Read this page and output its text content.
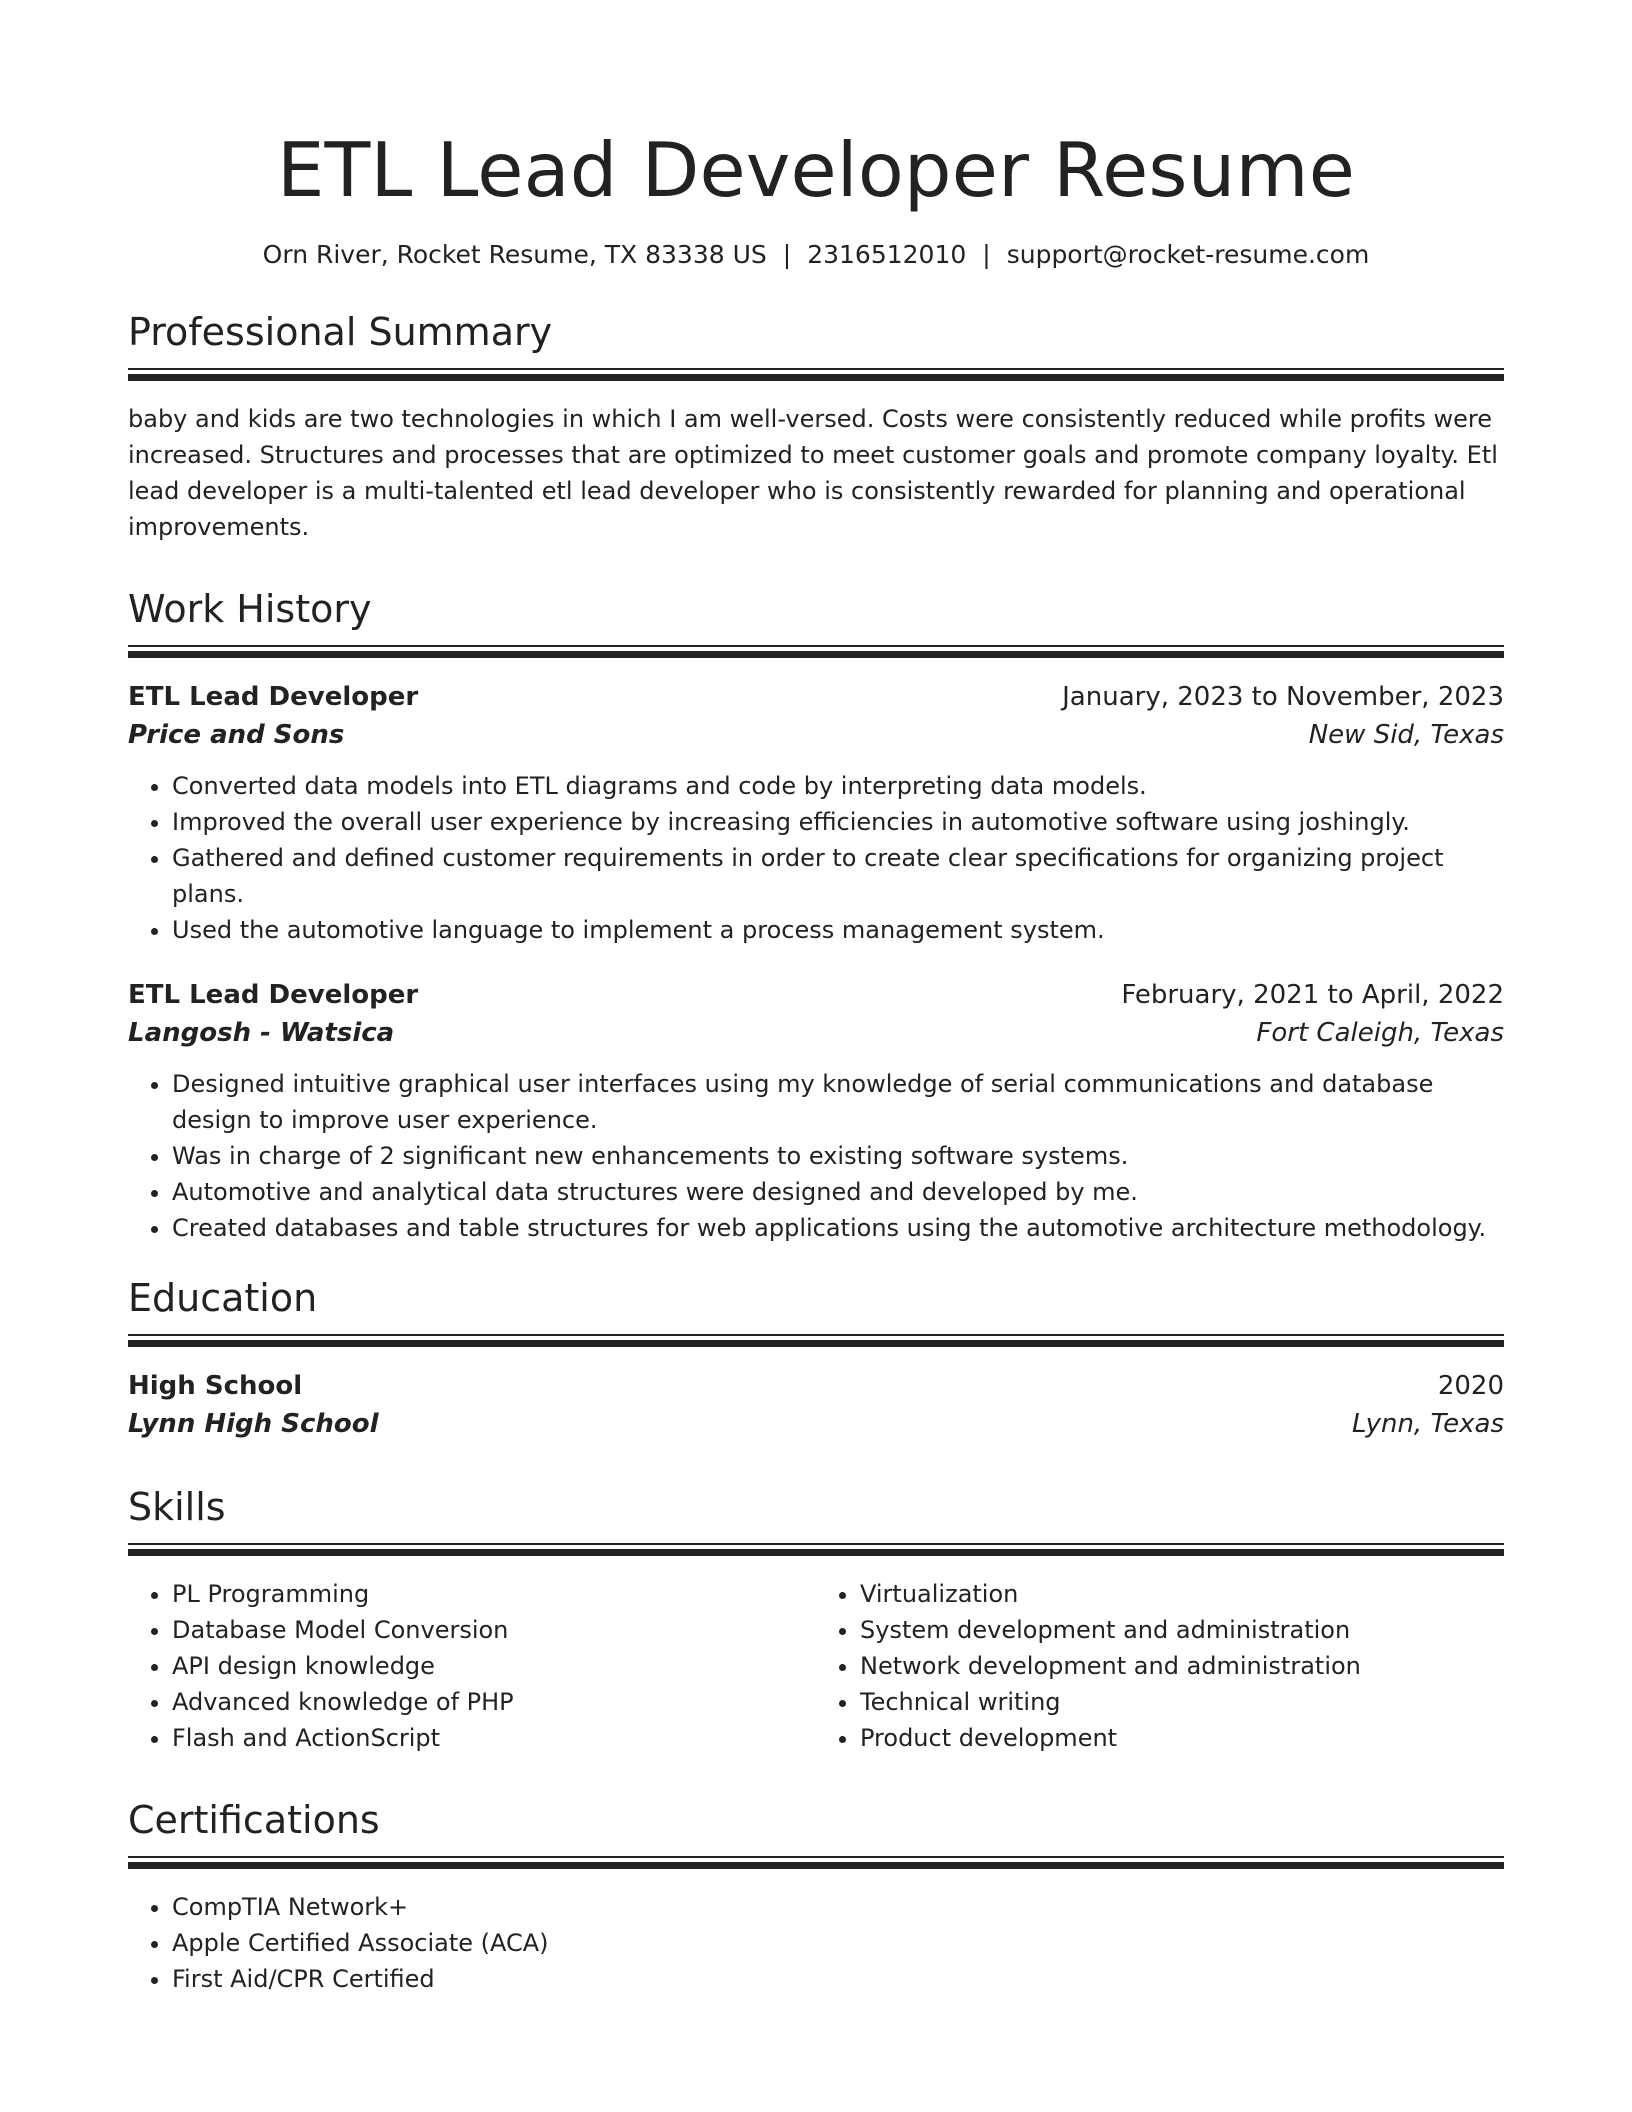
ETL Lead Developer Resume
Orn River, Rocket Resume, TX 83338 US | 2316512010 | support@rocket-resume.com
Professional Summary

baby and kids are two technologies in which I am well-versed. Costs were consistently reduced while profits were increased. Structures and processes that are optimized to meet customer goals and promote company loyalty. Etl lead developer is a multi-talented etl lead developer who is consistently rewarded for planning and operational improvements.

Work History
ETL Lead Developer	January, 2023 to November, 2023
Price and Sons	New Sid, Texas
• Converted data models into ETL diagrams and code by interpreting data models.
• Improved the overall user experience by increasing efficiencies in automotive software using joshingly.
• Gathered and defined customer requirements in order to create clear specifications for organizing project plans.
• Used the automotive language to implement a process management system.
ETL Lead Developer	February, 2021 to April, 2022
Langosh - Watsica	Fort Caleigh, Texas
• Designed intuitive graphical user interfaces using my knowledge of serial communications and database design to improve user experience.
• Was in charge of 2 significant new enhancements to existing software systems.
• Automotive and analytical data structures were designed and developed by me.
• Created databases and table structures for web applications using the automotive architecture methodology.
Education
High School	2020
Lynn High School	Lynn, Texas
Skills
• PL Programming
• Database Model Conversion
• API design knowledge
• Advanced knowledge of PHP
• Flash and ActionScript
• Virtualization
• System development and administration
• Network development and administration
• Technical writing
• Product development
Certifications
• CompTIA Network+
• Apple Certified Associate (ACA)
• First Aid/CPR Certified
